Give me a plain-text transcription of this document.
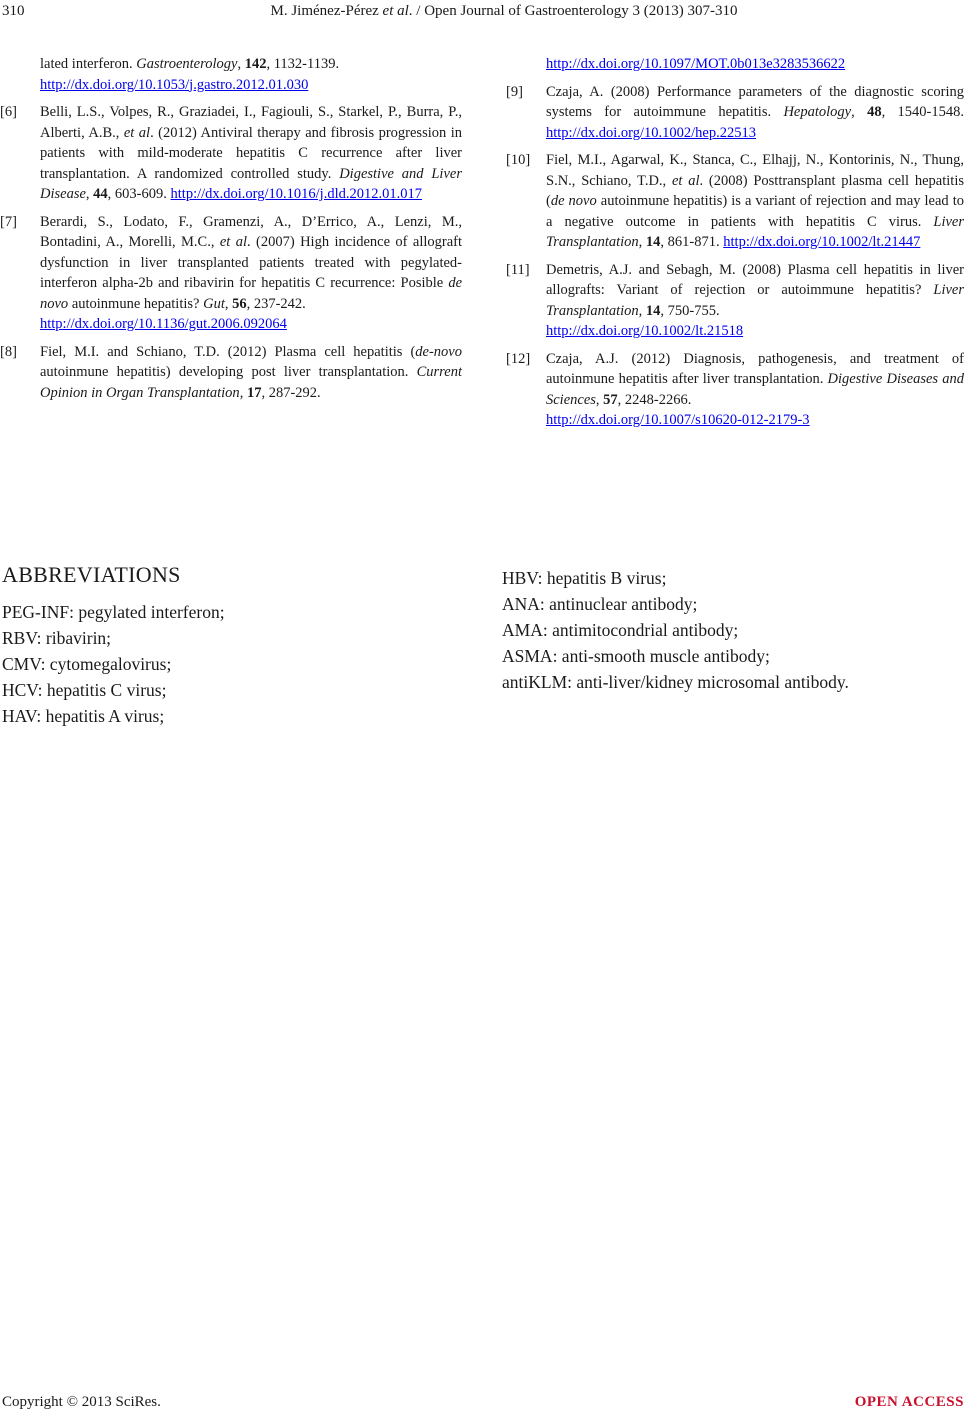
310	M. Jiménez-Pérez et al. / Open Journal of Gastroenterology 3 (2013) 307-310
lated interferon. Gastroenterology, 142, 1132-1139.
http://dx.doi.org/10.1053/j.gastro.2012.01.030
[6]	Belli, L.S., Volpes, R., Graziadei, I., Fagiouli, S., Starkel, P., Burra, P., Alberti, A.B., et al. (2012) Antiviral therapy and fibrosis progression in patients with mild-moderate hepatitis C recurrence after liver transplantation. A randomized controlled study. Digestive and Liver Disease, 44, 603-609. http://dx.doi.org/10.1016/j.dld.2012.01.017
[7]	Berardi, S., Lodato, F., Gramenzi, A., D’Errico, A., Lenzi, M., Bontadini, A., Morelli, M.C., et al. (2007) High incidence of allograft dysfunction in liver transplanted patients treated with pegylated-interferon alpha-2b and ribavirin for hepatitis C recurrence: Posible de novo autoinmune hepatitis? Gut, 56, 237-242.
http://dx.doi.org/10.1136/gut.2006.092064
[8]	Fiel, M.I. and Schiano, T.D. (2012) Plasma cell hepatitis (de-novo autoinmune hepatitis) developing post liver transplantation. Current Opinion in Organ Transplantation, 17, 287-292.
http://dx.doi.org/10.1097/MOT.0b013e3283536622
[9]	Czaja, A. (2008) Performance parameters of the diagnostic scoring systems for autoimmune hepatitis. Hepatology, 48, 1540-1548. http://dx.doi.org/10.1002/hep.22513
[10]	Fiel, M.I., Agarwal, K., Stanca, C., Elhajj, N., Kontorinis, N., Thung, S.N., Schiano, T.D., et al. (2008) Posttransplant plasma cell hepatitis (de novo autoinmune hepatitis) is a variant of rejection and may lead to a negative outcome in patients with hepatitis C virus. Liver Transplantation, 14, 861-871. http://dx.doi.org/10.1002/lt.21447
[11]	Demetris, A.J. and Sebagh, M. (2008) Plasma cell hepatitis in liver allografts: Variant of rejection or autoimmune hepatitis? Liver Transplantation, 14, 750-755.
http://dx.doi.org/10.1002/lt.21518
[12]	Czaja, A.J. (2012) Diagnosis, pathogenesis, and treatment of autoinmune hepatitis after liver transplantation. Digestive Diseases and Sciences, 57, 2248-2266.
http://dx.doi.org/10.1007/s10620-012-2179-3
ABBREVIATIONS
PEG-INF: pegylated interferon;
RBV: ribavirin;
CMV: cytomegalovirus;
HCV: hepatitis C virus;
HAV: hepatitis A virus;
HBV: hepatitis B virus;
ANA: antinuclear antibody;
AMA: antimitocondrial antibody;
ASMA: anti-smooth muscle antibody;
antiKLM: anti-liver/kidney microsomal antibody.
Copyright © 2013 SciRes.	OPEN ACCESS
